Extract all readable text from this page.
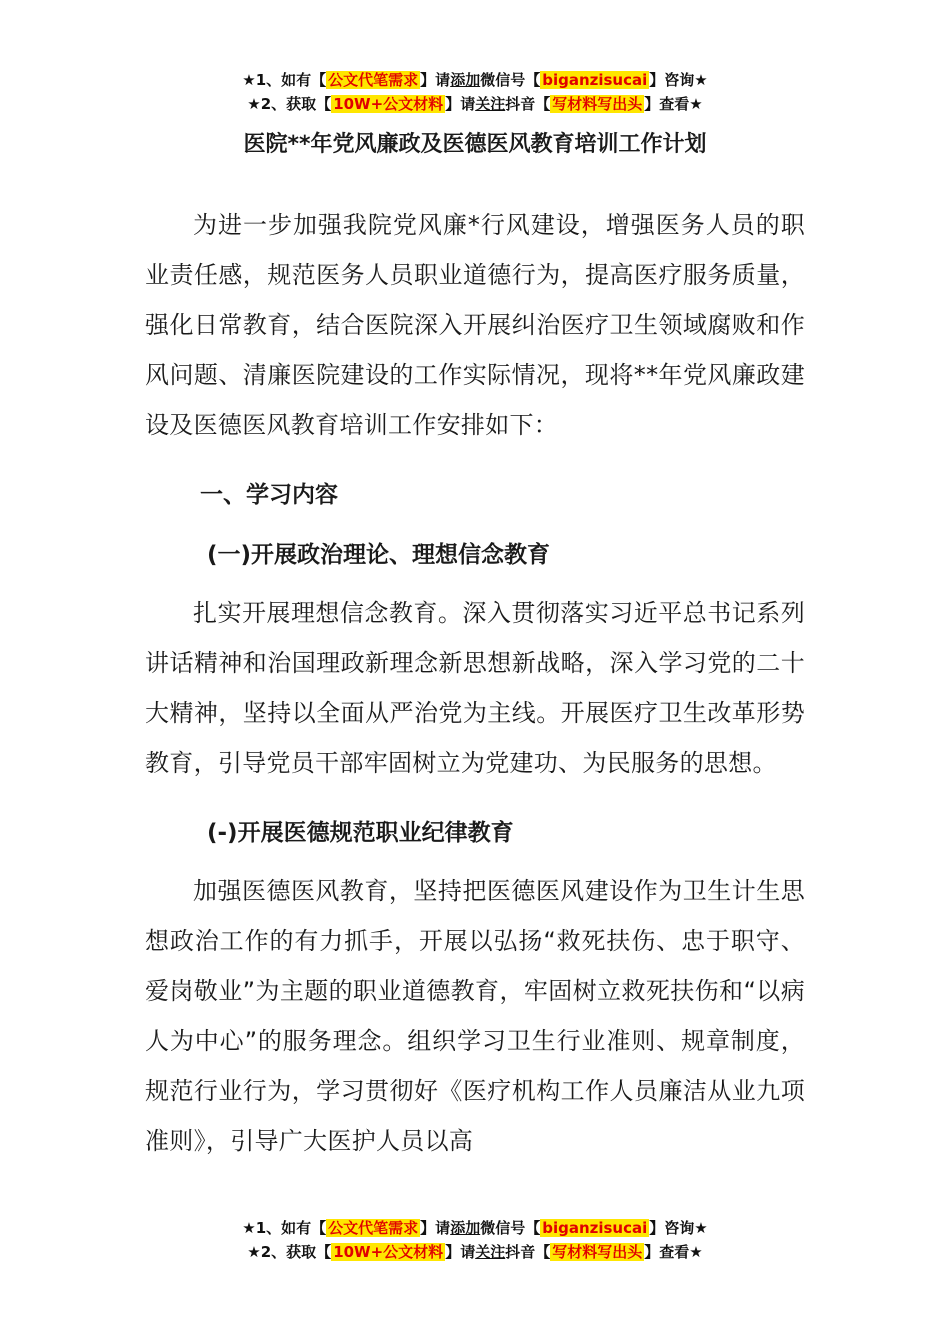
★1、如有【 公文代笔需求 】请添加微信号【 biganzisucai 】咨询★
★2、获取【 10W+公文材料 】请关注抖音【 写材料写出头 】查看★
医院**年党风廉政及医德医风教育培训工作计划

为进一步加强我院党风廉*行风建设，增强医务人员的职业责任感，规范医务人员职业道德行为，提高医疗服务质量，强化日常教育，结合医院深入开展纠治医疗卫生领域腐败和作风问题、清廉医院建设的工作实际情况，现将**年党风廉政建设及医德医风教育培训工作安排如下：

一、学习内容
(一)开展政治理论、理想信念教育

扎实开展理想信念教育。深入贯彻落实习近平总书记系列讲话精神和治国理政新理念新思想新战略，深入学习党的二十大精神，坚持以全面从严治党为主线。开展医疗卫生改革形势教育，引导党员干部牢固树立为党建功、为民服务的思想。

(-)开展医德规范职业纪律教育

加强医德医风教育，坚持把医德医风建设作为卫生计生思想政治工作的有力抓手，开展以弘扬“救死扶伤、忠于职守、爱岗敬业”为主题的职业道德教育，牢固树立救死扶伤和“以病人为中心”的服务理念。组织学习卫生行业准则、规章制度，规范行业行为，学习贯彻好《医疗机构工作人员廉洁从业九项准则》，引导广大医护人员以高

★1、如有【 公文代笔需求 】请添加微信号【 biganzisucai 】咨询★
★2、获取【 10W+公文材料 】请关注抖音【 写材料写出头 】查看★
